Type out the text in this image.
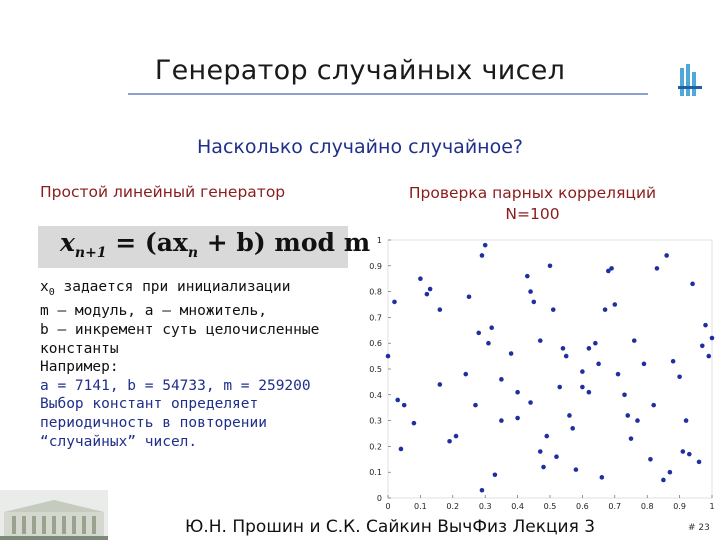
Генератор случайных чисел
Насколько случайно случайное?
Простой линейный генератор	Проверка парных корреляций
N=100
$x_{n+1} = (ax_n + b)$ mod m
$x_0$ задается при инициализации
m – модуль, a – множитель,
b – инкремент суть целочисленные
константы
Например:
a = 7141, b = 54733, m = 259200
Выбор констант определяет
периодичность в повторении
“случайных” чисел.
0	0.1 0.2 0.3 0.4 0.5 0.6 0.7 0.8 0.9	1
0
0.1
0.2
0.3
0.4
0.5
0.6
0.7
0.8
0.9
1
Ю.Н. Прошин и С.К. Сайкин ВычФиз Лекция 3	# 23
